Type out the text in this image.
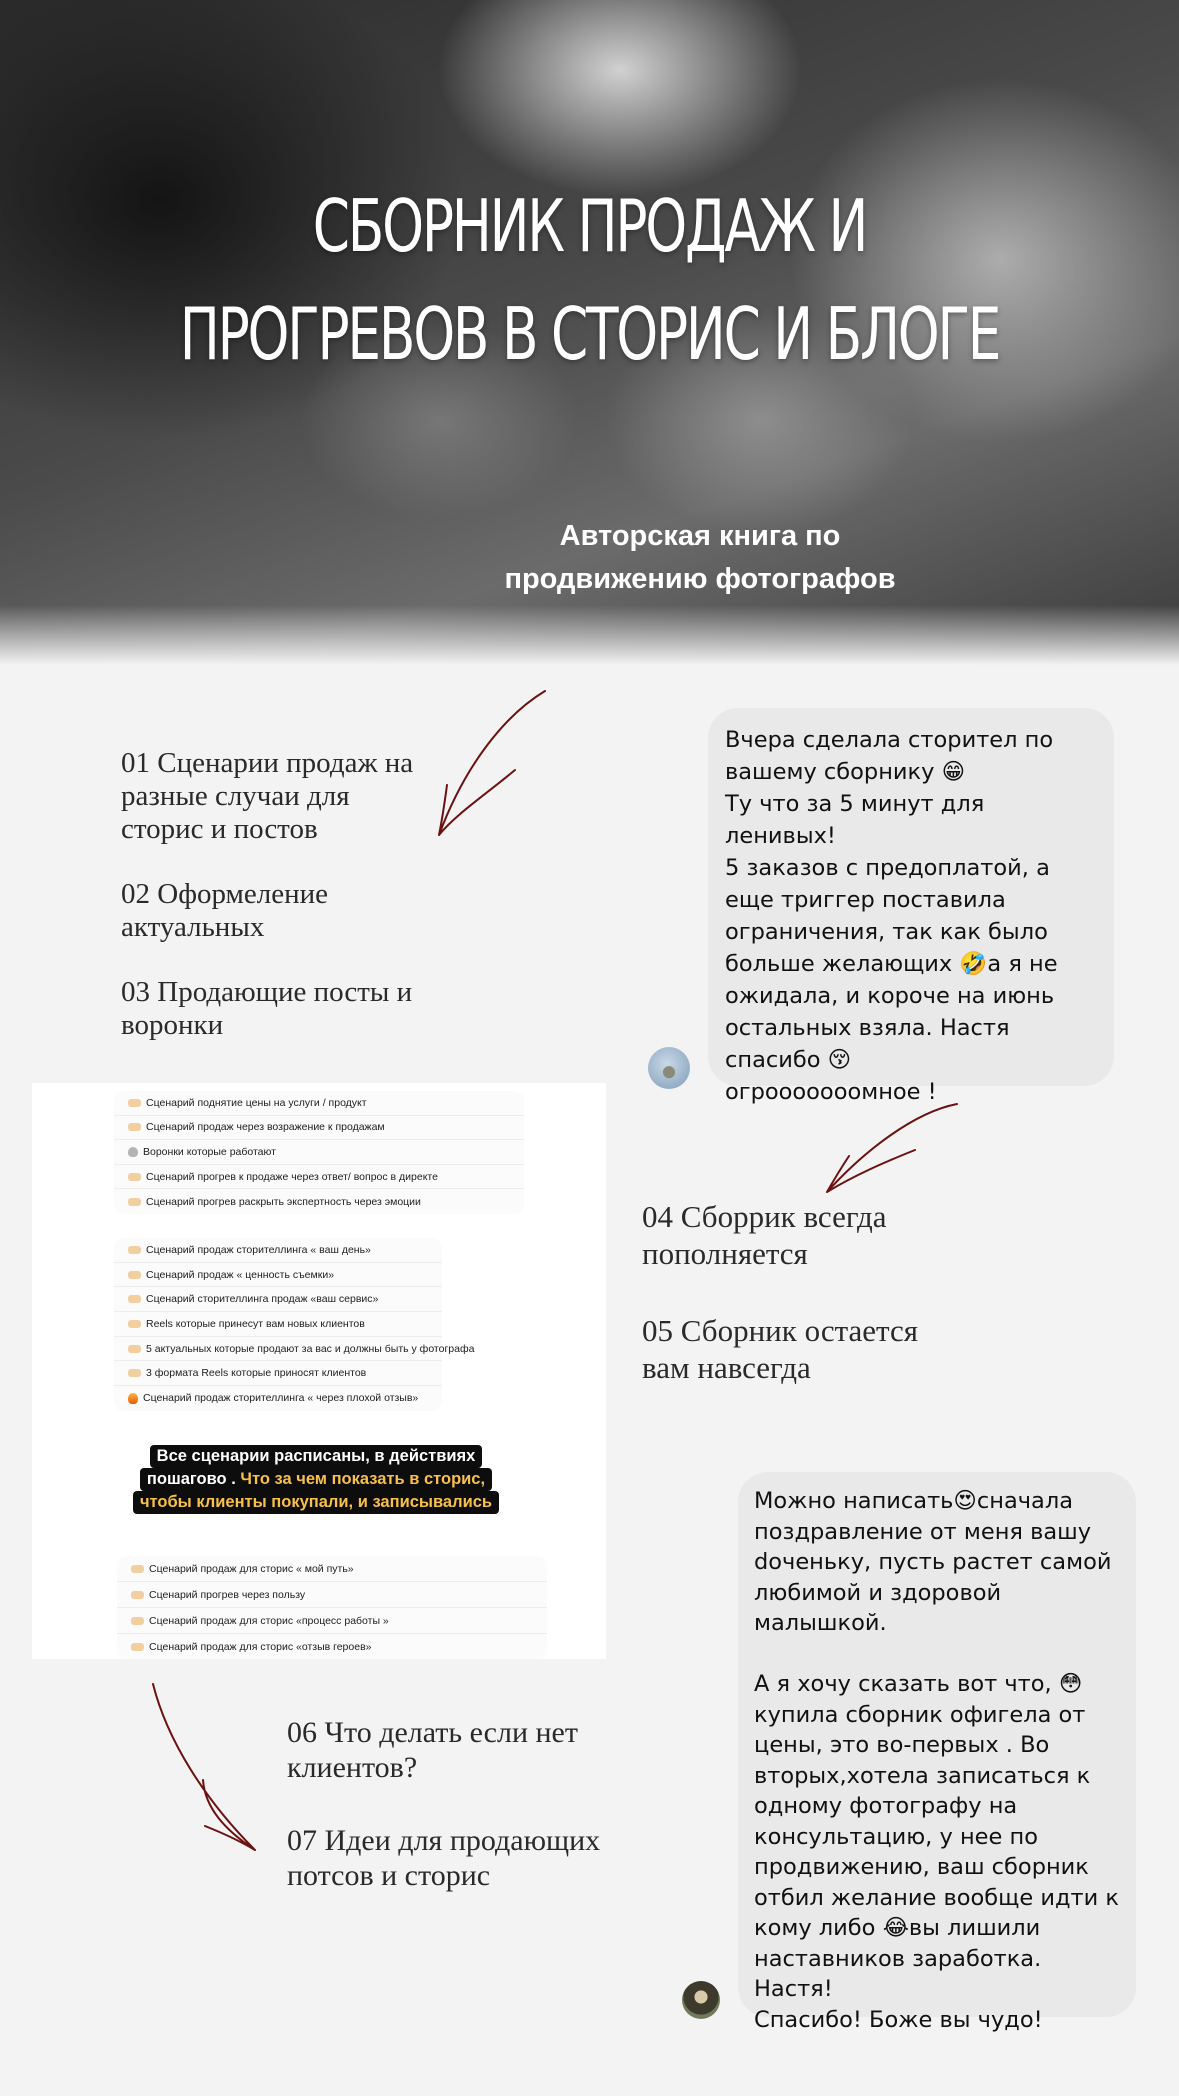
СБОРНИК ПРОДАЖ И
ПРОГРЕВОВ В СТОРИС И БЛОГЕ
Авторская книга по
продвижению фотографов
01 Сценарии продаж на
разные случаи для
сторис и постов
02 Оформеление
актуальных
03 Продающие посты и
воронки
Вчера сделала сторител по
вашему сборнику 😁
Ту что за 5 минут для ленивых!
5 заказов с предоплатой, а
еще триггер поставила
ограничения, так как было
больше желающих 🤣а я не
ожидала, и короче на июнь
остальных взяла. Настя
спасибо 😚
огрооооооомное !
Сценарий поднятие цены на услуги / продукт
Сценарий продаж через возражение к продажам
Воронки которые работают
Сценарий прогрев к продаже через ответ/ вопрос в директе
Сценарий прогрев раскрыть экспертность через эмоции
Сценарий продаж сторителлинга « ваш день»
Сценарий продаж « ценность съемки»
Сценарий сторителлинга продаж «ваш сервис»
Reels которые принесут вам новых клиентов
5 актуальных которые продают за вас и должны быть у фотографа
3 формата Reels которые приносят клиентов
Сценарий продаж сторителлинга « через плохой отзыв»
Все сценарии расписаны, в действиях
пошагово . Что за чем показать в сторис,
чтобы клиенты покупали, и записывались
Сценарий продаж для сторис « мой путь»
Сценарий прогрев через пользу
Сценарий продаж для сторис «процесс работы »
Сценарий продаж для сторис «отзыв героев»
04 Сборрик всегда
пополняется
05 Сборник остается
вам навсегда
Можно написать😍сначала
поздравление от меня вашу
dоченьку, пусть растет самой
любимой и здоровой
малышкой.

А я хочу сказать вот что, 😳
купила сборник офигела от
цены, это во-первых . Во
вторых,хотела записаться к
одному фотографу на
консультацию, у нее по
продвижению, ваш сборник
отбил желание вообще идти к
кому либо 😂вы лишили
наставников заработка. Настя!
Спасибо! Боже вы чудо!
06 Что делать если нет
клиентов?
07 Идеи для продающих
потсов и сторис
